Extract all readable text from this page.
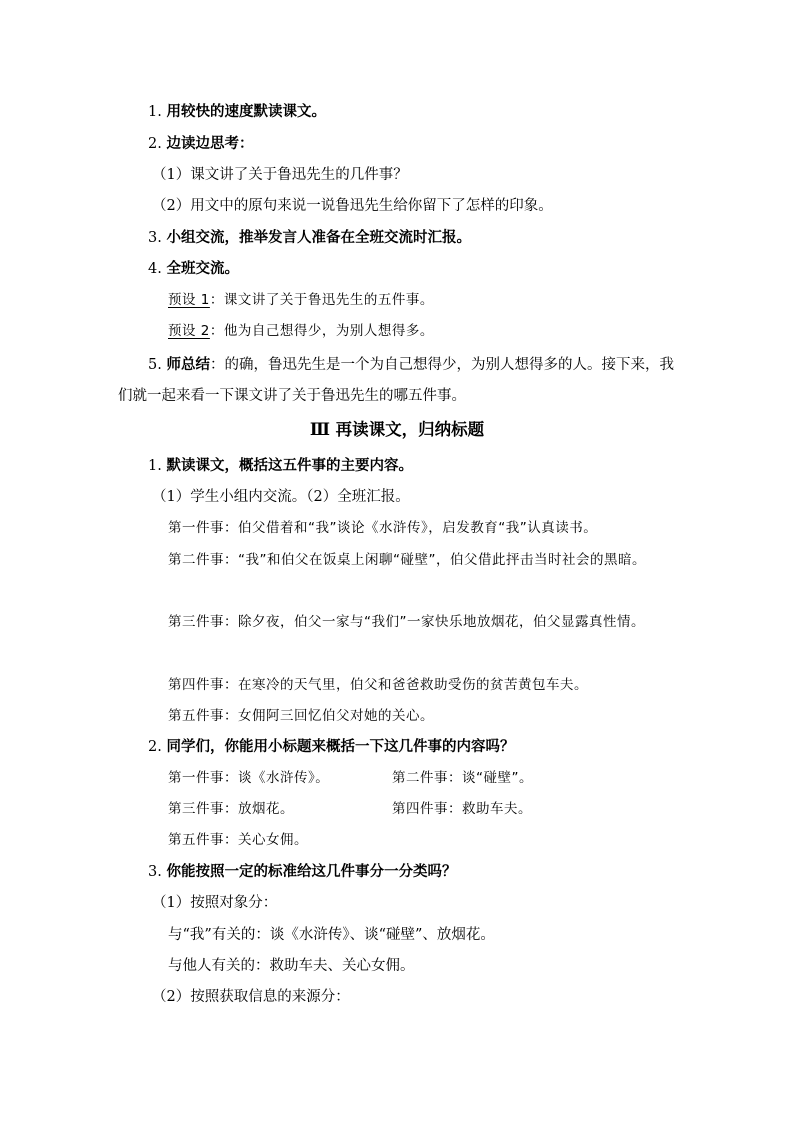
1. 用较快的速度默读课文。
2. 边读边思考：
（1）课文讲了关于鲁迅先生的几件事？
（2）用文中的原句来说一说鲁迅先生给你留下了怎样的印象。
3. 小组交流，推举发言人准备在全班交流时汇报。
4. 全班交流。
预设 1：课文讲了关于鲁迅先生的五件事。
预设 2：他为自己想得少，为别人想得多。
5. 师总结：的确，鲁迅先生是一个为自己想得少，为别人想得多的人。接下来，我们就一起来看一下课文讲了关于鲁迅先生的哪五件事。
Ⅲ 再读课文，归纳标题
1. 默读课文，概括这五件事的主要内容。
（1）学生小组内交流。（2）全班汇报。
第一件事：伯父借着和“我”谈论《水浒传》，启发教育“我”认真读书。
第二件事：“我”和伯父在饭桌上闲聊“碰壁”，伯父借此抨击当时社会的黑暗。
第三件事：除夕夜，伯父一家与“我们”一家快乐地放烟花，伯父显露真性情。
第四件事：在寒冷的天气里，伯父和爸爸救助受伤的贫苦黄包车夫。
第五件事：女佣阿三回忆伯父对她的关心。
2. 同学们，你能用小标题来概括一下这几件事的内容吗？
第一件事：谈《水浒传》。	第二件事：谈“碰壁”。
第三件事：放烟花。	第四件事：救助车夫。
第五件事：关心女佣。
3. 你能按照一定的标准给这几件事分一分类吗？
（1）按照对象分：
与“我”有关的：谈《水浒传》、谈“碰壁”、放烟花。
与他人有关的：救助车夫、关心女佣。
（2）按照获取信息的来源分：
